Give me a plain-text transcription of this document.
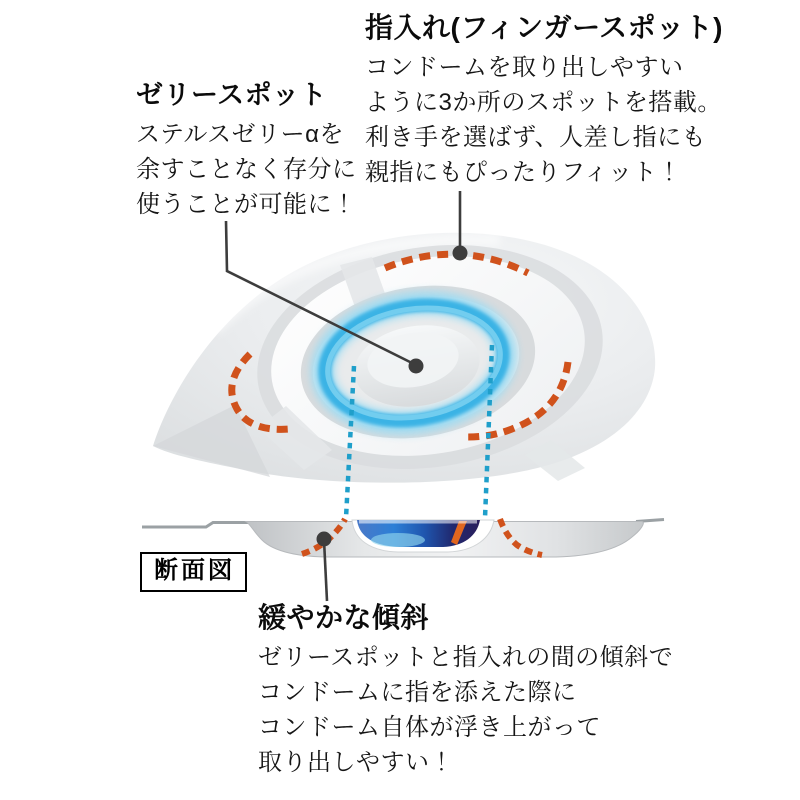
指入れ(フィンガースポット)
コンドームを取り出しやすい
ように3か所のスポットを搭載。
利き手を選ばず、人差し指にも
親指にもぴったりフィット！
ゼリースポット
ステルスゼリーαを
余すことなく存分に
使うことが可能に！
断面図
緩やかな傾斜
ゼリースポットと指入れの間の傾斜で
コンドームに指を添えた際に
コンドーム自体が浮き上がって
取り出しやすい！
